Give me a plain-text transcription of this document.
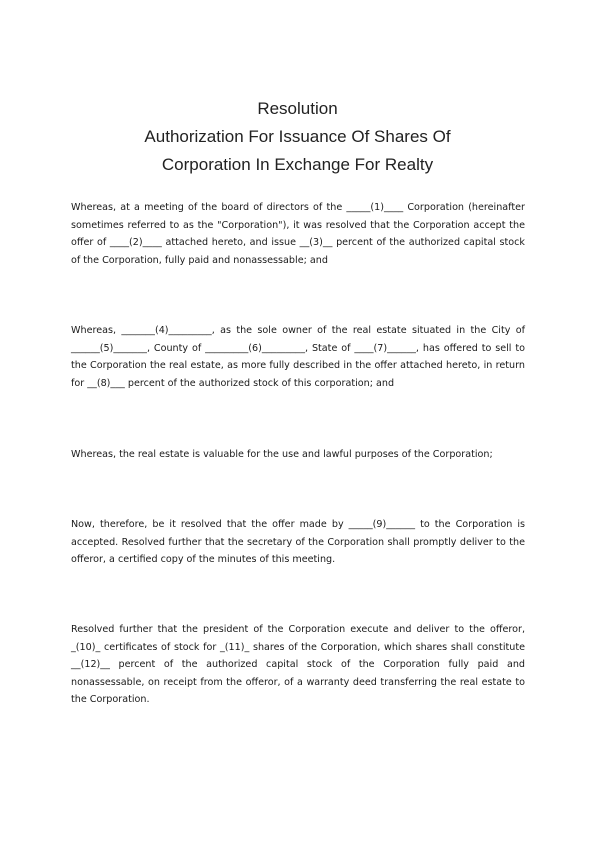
Resolution
Authorization For Issuance Of Shares Of
Corporation In Exchange For Realty

Whereas, at a meeting of the board of directors of the _____(1)____ Corporation (hereinafter sometimes referred to as the "Corporation"), it was resolved that the Corporation accept the offer of ____(2)____ attached hereto, and issue __(3)__ percent of the authorized capital stock of the Corporation, fully paid and nonassessable; and

Whereas, _______(4)_________, as the sole owner of the real estate situated in the City of ______(5)_______, County of _________(6)_________, State of ____(7)______, has offered to sell to the Corporation the real estate, as more fully described in the offer attached hereto, in return for __(8)___ percent of the authorized stock of this corporation; and

Whereas, the real estate is valuable for the use and lawful purposes of the Corporation;

Now, therefore, be it resolved that the offer made by _____(9)______ to the Corporation is accepted. Resolved further that the secretary of the Corporation shall promptly deliver to the offeror, a certified copy of the minutes of this meeting.

Resolved further that the president of the Corporation execute and deliver to the offeror, _(10)_ certificates of stock for _(11)_ shares of the Corporation, which shares shall constitute __(12)__ percent of the authorized capital stock of the Corporation fully paid and nonassessable, on receipt from the offeror, of a warranty deed transferring the real estate to the Corporation.
